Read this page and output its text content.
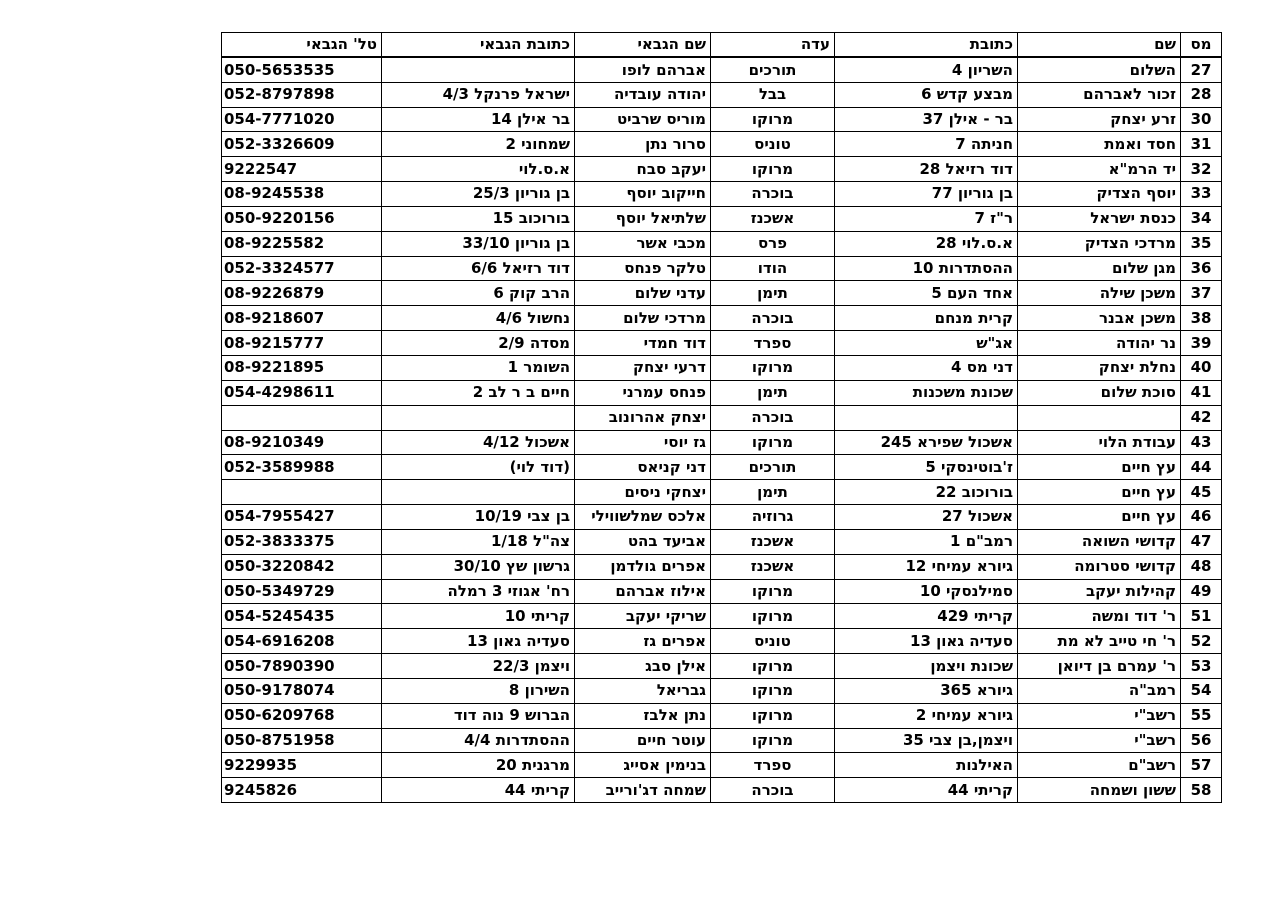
מס	שם	כתובת	עדה	שם הגבאי	כתובת הגבאי	טל' הגבאי
27	השלום	השריון 4	תורכים	אברהם לופו		050-5653535
28	זכור לאברהם	מבצע קדש 6	בבל	יהודה עובדיה	ישראל פרנקל 4/3	052-8797898
30	זרע יצחק	בר - אילן 37	מרוקו	מוריס שרביט	בר אילן 14	054-7771020
31	חסד ואמת	חניתה 7	טוניס	סרור נתן	שמחוני 2	052-3326609
32	יד הרמ"א	דוד רזיאל 28	מרוקו	יעקב סבח	א.ס.לוי	9222547
33	יוסף הצדיק	בן גוריון 77	בוכרה	חייקוב יוסף	בן גוריון 25/3	08-9245538
34	כנסת ישראל	ר"ז 7	אשכנז	שלתיאל יוסף	בורוכוב 15	050-9220156
35	מרדכי הצדיק	א.ס.לוי 28	פרס	מכבי אשר	בן גוריון 33/10	08-9225582
36	מגן שלום	ההסתדרות 10	הודו	טלקר פנחס	דוד רזיאל 6/6	052-3324577
37	משכן שילה	אחד העם 5	תימן	עדני שלום	הרב קוק 6	08-9226879
38	משכן אבנר	קרית מנחם	בוכרה	מרדכי שלום	נחשול 4/6	08-9218607
39	נר יהודה	אג"ש	ספרד	דוד חמדי	מסדה 2/9	08-9215777
40	נחלת יצחק	דני מס 4	מרוקו	דרעי יצחק	השומר 1	08-9221895
41	סוכת שלום	שכונת משכנות	תימן	פנחס עמרני	חיים ב ר לב 2	054-4298611
42			בוכרה	יצחק אהרונוב		
43	עבודת הלוי	אשכול שפירא 245	מרוקו	גז יוסי	אשכול 4/12	08-9210349
44	עץ חיים	ז'בוטינסקי 5	תורכים	דני קניאס	(דוד לוי)	052-3589988
45	עץ חיים	בורוכוב 22	תימן	יצחקי ניסים		
46	עץ חיים	אשכול 27	גרוזיה	אלכס שמלשווילי	בן צבי 10/19	054-7955427
47	קדושי השואה	רמב"ם 1	אשכנז	אביעד בהט	צה"ל 1/18	052-3833375
48	קדושי סטרומה	גיורא עמיחי 12	אשכנז	אפרים גולדמן	גרשון שץ 30/10	050-3220842
49	קהילות יעקב	סמילנסקי 10	מרוקו	אילוז אברהם	רח' אגוזי 3 רמלה	050-5349729
51	ר' דוד ומשה	קריתי 429	מרוקו	שריקי יעקב	קריתי 10	054-5245435
52	ר' חי טייב לא מת	סעדיה גאון 13	טוניס	אפרים גז	סעדיה גאון 13	054-6916208
53	ר' עמרם בן דיואן	שכונת ויצמן	מרוקו	אילן סבג	ויצמן 22/3	050-7890390
54	רמב"ה	גיורא 365	מרוקו	גבריאל	השירון 8	050-9178074
55	רשב"י	גיורא עמיחי 2	מרוקו	נתן אלבז	הברוש 9 נוה דוד	050-6209768
56	רשב"י	ויצמן,בן צבי 35	מרוקו	עוטר חיים	ההסתדרות 4/4	050-8751958
57	רשב"ם	האילנות	ספרד	בנימין אסייג	מרגנית 20	9229935
58	ששון ושמחה	קריתי 44	בוכרה	שמחה דג'ורייב	קריתי 44	9245826
